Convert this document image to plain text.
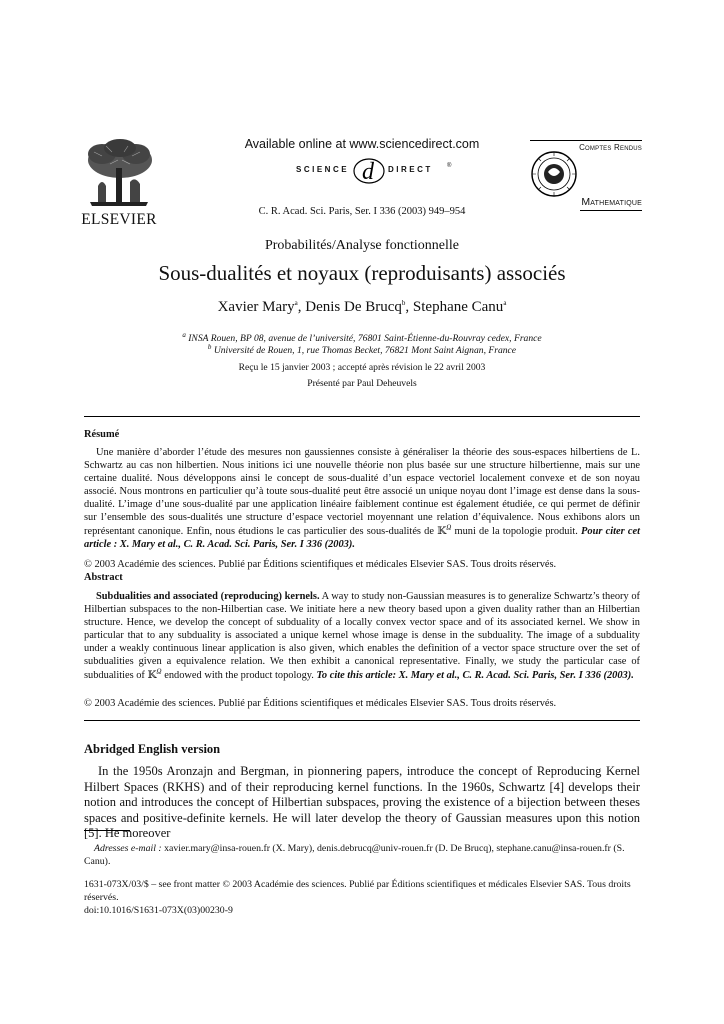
ELSEVIER
Available online at www.sciencedirect.com
SCIENCE d DIRECT ®
C. R. Acad. Sci. Paris, Ser. I 336 (2003) 949–954
Comptes Rendus
Mathematique
Probabilités/Analyse fonctionnelle
Sous-dualités et noyaux (reproduisants) associés
Xavier Mary$^a$, Denis De Brucq$^b$, Stephane Canu$^a$
$^a$ INSA Rouen, BP 08, avenue de l’université, 76801 Saint-Étienne-du-Rouvray cedex, France
$^b$ Université de Rouen, 1, rue Thomas Becket, 76821 Mont Saint Aignan, France
Reçu le 15 janvier 2003 ; accepté après révision le 22 avril 2003
Présenté par Paul Deheuvels
Résumé
Une manière d’aborder l’étude des mesures non gaussiennes consiste à généraliser la théorie des sous-espaces hilbertiens de L. Schwartz au cas non hilbertien. Nous initions ici une nouvelle théorie non plus basée sur une structure hilbertienne, mais sur une certaine dualité. Nous développons ainsi le concept de sous-dualité d’un espace vectoriel localement convexe et de son noyau associé. Nous montrons en particulier qu’à toute sous-dualité peut être associé un unique noyau dont l’image est dense dans la sous-dualité. L’image d’une sous-dualité par une application linéaire faiblement continue est également étudiée, ce qui permet de définir sur l’ensemble des sous-dualités une structure d’espace vectoriel moyennant une relation d’équivalence. Nous exhibons alors un représentant canonique. Enfin, nous étudions le cas particulier des sous-dualités de 𝕂$^\Omega$ muni de la topologie produit. Pour citer cet article : X. Mary et al., C. R. Acad. Sci. Paris, Ser. I 336 (2003).
© 2003 Académie des sciences. Publié par Éditions scientifiques et médicales Elsevier SAS. Tous droits réservés.
Abstract
Subdualities and associated (reproducing) kernels. A way to study non-Gaussian measures is to generalize Schwartz’s theory of Hilbertian subspaces to the non-Hilbertian case. We initiate here a new theory based upon a given duality rather than an Hilbertian structure. Hence, we develop the concept of subduality of a locally convex vector space and of its associated kernel. We show in particular that to any subduality is associated a unique kernel whose image is dense in the subduality. The image of a subduality under a weakly continuous linear application is also given, which enables the definition of a vector space structure over the set of subdualities given a equivalence relation. We then exhibit a canonical representative. Finally, we study the particular case of subdualities of 𝕂$^\Omega$ endowed with the product topology. To cite this article: X. Mary et al., C. R. Acad. Sci. Paris, Ser. I 336 (2003).
© 2003 Académie des sciences. Publié par Éditions scientifiques et médicales Elsevier SAS. Tous droits réservés.
Abridged English version
In the 1950s Aronzajn and Bergman, in pionnering papers, introduce the concept of Reproducing Kernel Hilbert Spaces (RKHS) and of their reproducing kernel functions. In the 1960s, Schwartz [4] develops their notion and introduces the concept of Hilbertian subspaces, proving the existence of a bijection between theses spaces and positive-definite kernels. He will later develop the theory of Gaussian measures upon this notion [5]. He moreover
Adresses e-mail : xavier.mary@insa-rouen.fr (X. Mary), denis.debrucq@univ-rouen.fr (D. De Brucq), stephane.canu@insa-rouen.fr (S. Canu).
1631-073X/03/$ – see front matter © 2003 Académie des sciences. Publié par Éditions scientifiques et médicales Elsevier SAS. Tous droits réservés.
doi:10.1016/S1631-073X(03)00230-9
